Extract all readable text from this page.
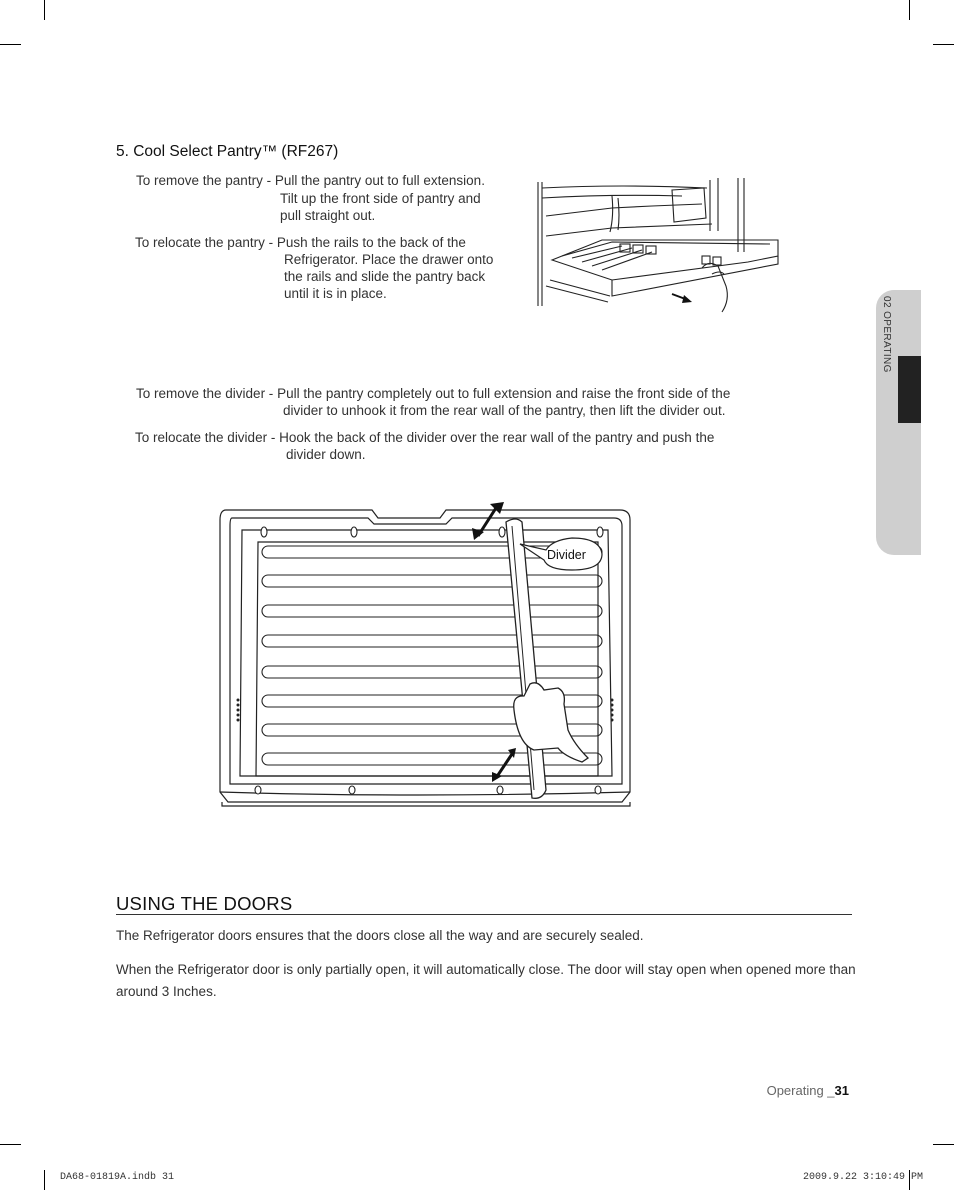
5. Cool Select Pantry™ (RF267)
To remove the pantry - Pull the pantry out to full extension.
Tilt up the front side of pantry and
pull straight out.
To relocate the pantry - Push the rails to the back of the
Refrigerator. Place the drawer onto
the rails and slide the pantry back
until it is in place.
To remove the divider - Pull the pantry completely out to full extension and raise the front side of the
divider to unhook it from the rear wall of the pantry, then lift the divider out.
To relocate the divider - Hook the back of the divider over the rear wall of the pantry and push the
divider down.
Divider
02 OPERATING
USING THE DOORS
The Refrigerator doors ensures that the doors close all the way and are securely sealed.
When the Refrigerator door is only partially open, it will automatically close. The door will stay open when opened more than around 3 Inches.
Operating _31
DA68-01819A.indb 31	2009.9.22 3:10:49 PM
